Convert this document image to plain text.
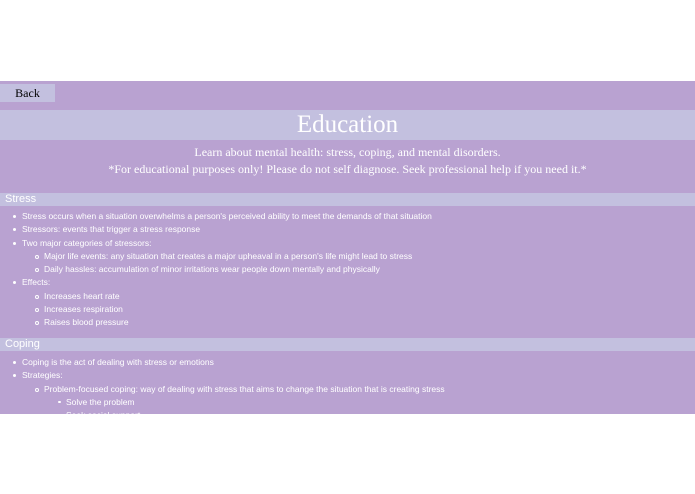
Back
Education
Learn about mental health: stress, coping, and mental disorders.
*For educational purposes only! Please do not self diagnose. Seek professional help if you need it.*
Stress
Stress occurs when a situation overwhelms a person's perceived ability to meet the demands of that situation
Stressors: events that trigger a stress response
Two major categories of stressors:
Major life events: any situation that creates a major upheaval in a person's life might lead to stress
Daily hassles: accumulation of minor irritations wear people down mentally and physically
Effects:
Increases heart rate
Increases respiration
Raises blood pressure
Coping
Coping is the act of dealing with stress or emotions
Strategies:
Problem-focused coping: way of dealing with stress that aims to change the situation that is creating stress
Solve the problem
Seek social support
